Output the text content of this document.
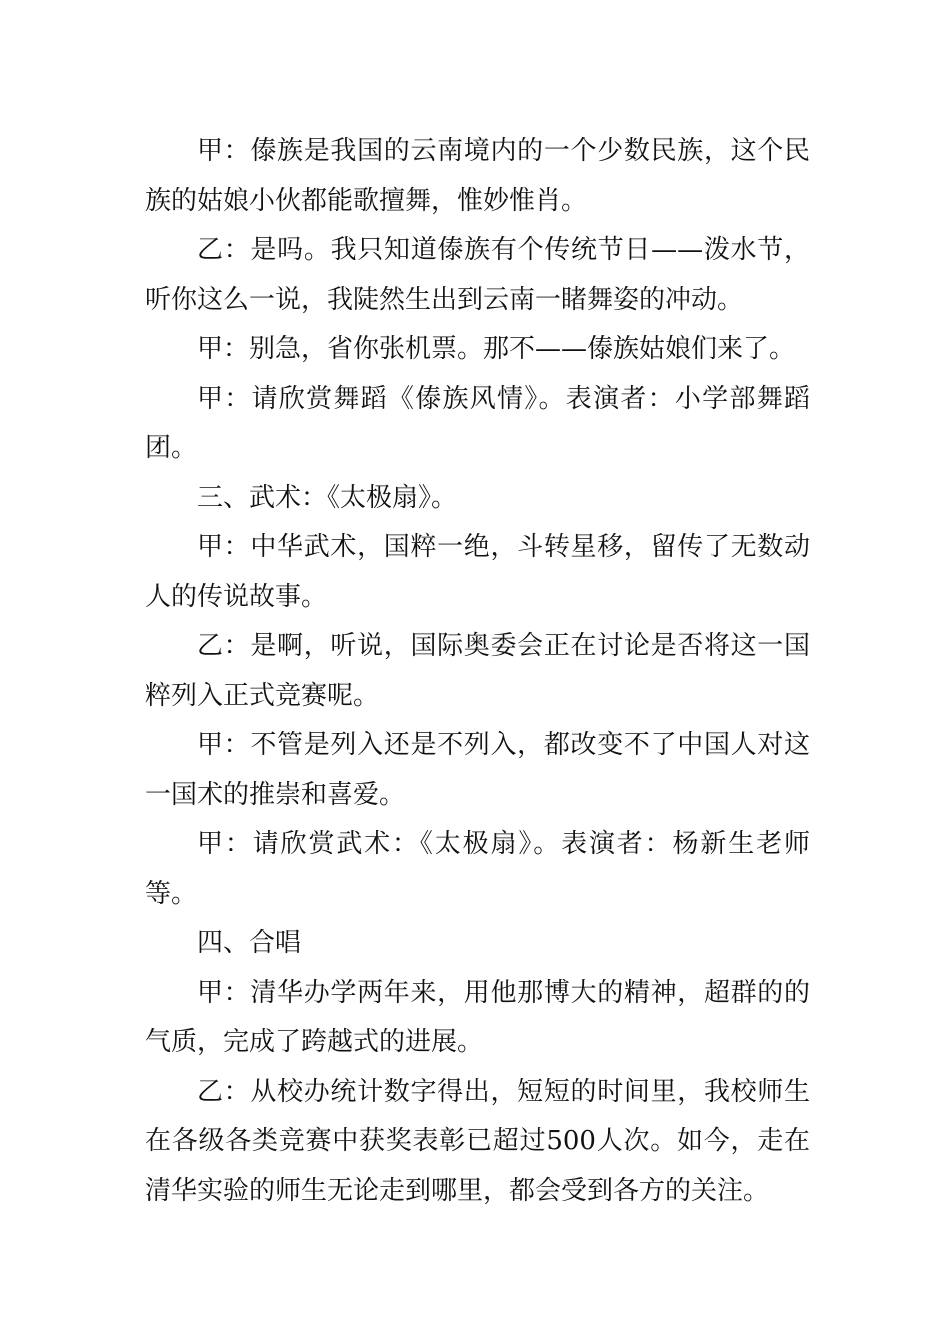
甲：傣族是我国的云南境内的一个少数民族，这个民族的姑娘小伙都能歌擅舞，惟妙惟肖。

乙：是吗。我只知道傣族有个传统节日——泼水节，听你这么一说，我陡然生出到云南一睹舞姿的冲动。

甲：别急，省你张机票。那不——傣族姑娘们来了。

甲：请欣赏舞蹈《傣族风情》。表演者：小学部舞蹈团。

三、武术：《太极扇》。

甲：中华武术，国粹一绝，斗转星移，留传了无数动人的传说故事。

乙：是啊，听说，国际奥委会正在讨论是否将这一国粹列入正式竞赛呢。

甲：不管是列入还是不列入，都改变不了中国人对这一国术的推崇和喜爱。

甲：请欣赏武术：《太极扇》。表演者：杨新生老师等。

四、合唱

甲：清华办学两年来，用他那博大的精神，超群的的气质，完成了跨越式的进展。

乙：从校办统计数字得出，短短的时间里，我校师生在各级各类竞赛中获奖表彰已超过500人次。如今，走在清华实验的师生无论走到哪里，都会受到各方的关注。
